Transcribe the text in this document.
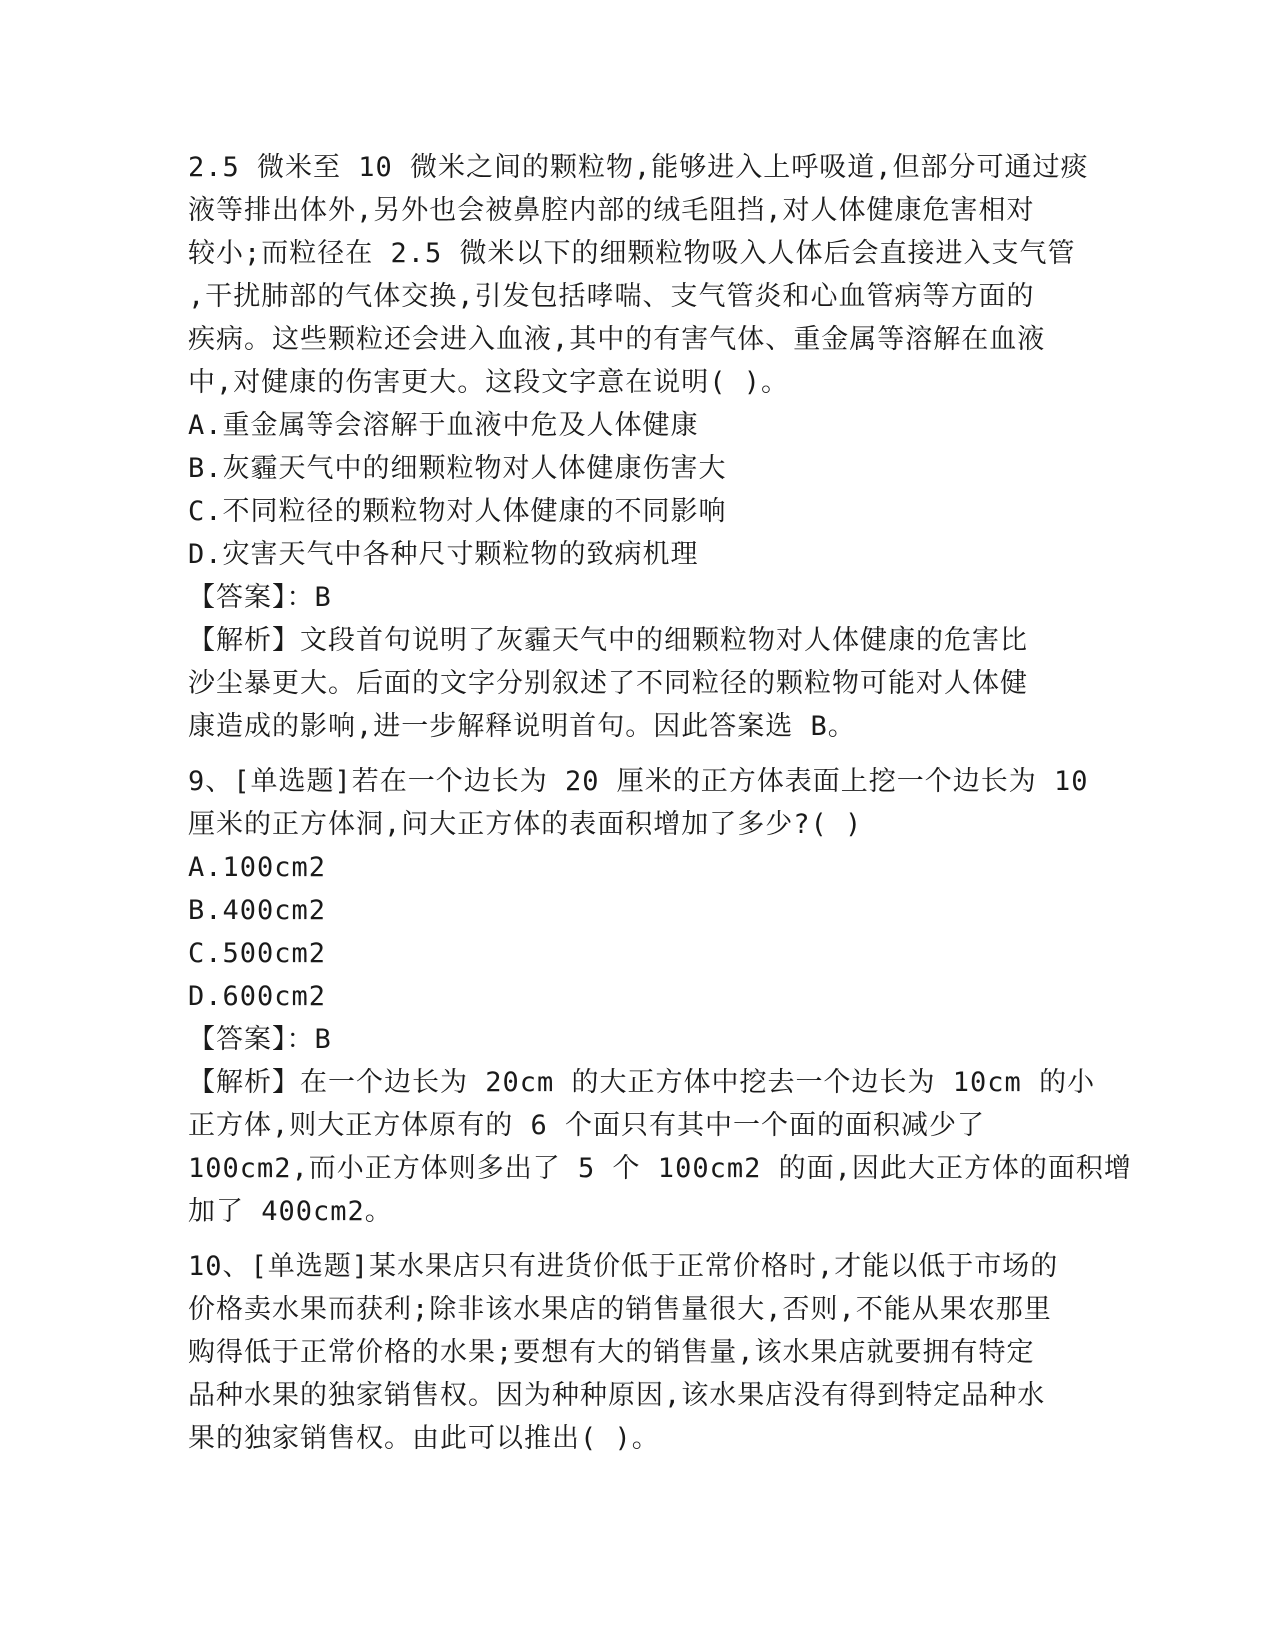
2.5 微米至 10 微米之间的颗粒物,能够进入上呼吸道,但部分可通过痰
液等排出体外,另外也会被鼻腔内部的绒毛阻挡,对人体健康危害相对
较小;而粒径在 2.5 微米以下的细颗粒物吸入人体后会直接进入支气管
,干扰肺部的气体交换,引发包括哮喘、支气管炎和心血管病等方面的
疾病。这些颗粒还会进入血液,其中的有害气体、重金属等溶解在血液
中,对健康的伤害更大。这段文字意在说明( )。
A.重金属等会溶解于血液中危及人体健康
B.灰霾天气中的细颗粒物对人体健康伤害大
C.不同粒径的颗粒物对人体健康的不同影响
D.灾害天气中各种尺寸颗粒物的致病机理
【答案】：B
【解析】文段首句说明了灰霾天气中的细颗粒物对人体健康的危害比
沙尘暴更大。后面的文字分别叙述了不同粒径的颗粒物可能对人体健
康造成的影响,进一步解释说明首句。因此答案选 B。
9、[单选题]若在一个边长为 20 厘米的正方体表面上挖一个边长为 10
厘米的正方体洞,问大正方体的表面积增加了多少?( )
A.100cm2
B.400cm2
C.500cm2
D.600cm2
【答案】：B
【解析】在一个边长为 20cm 的大正方体中挖去一个边长为 10cm 的小
正方体,则大正方体原有的 6 个面只有其中一个面的面积减少了
100cm2,而小正方体则多出了 5 个 100cm2 的面,因此大正方体的面积增
加了 400cm2。
10、[单选题]某水果店只有进货价低于正常价格时,才能以低于市场的
价格卖水果而获利;除非该水果店的销售量很大,否则,不能从果农那里
购得低于正常价格的水果;要想有大的销售量,该水果店就要拥有特定
品种水果的独家销售权。因为种种原因,该水果店没有得到特定品种水
果的独家销售权。由此可以推出( )。
